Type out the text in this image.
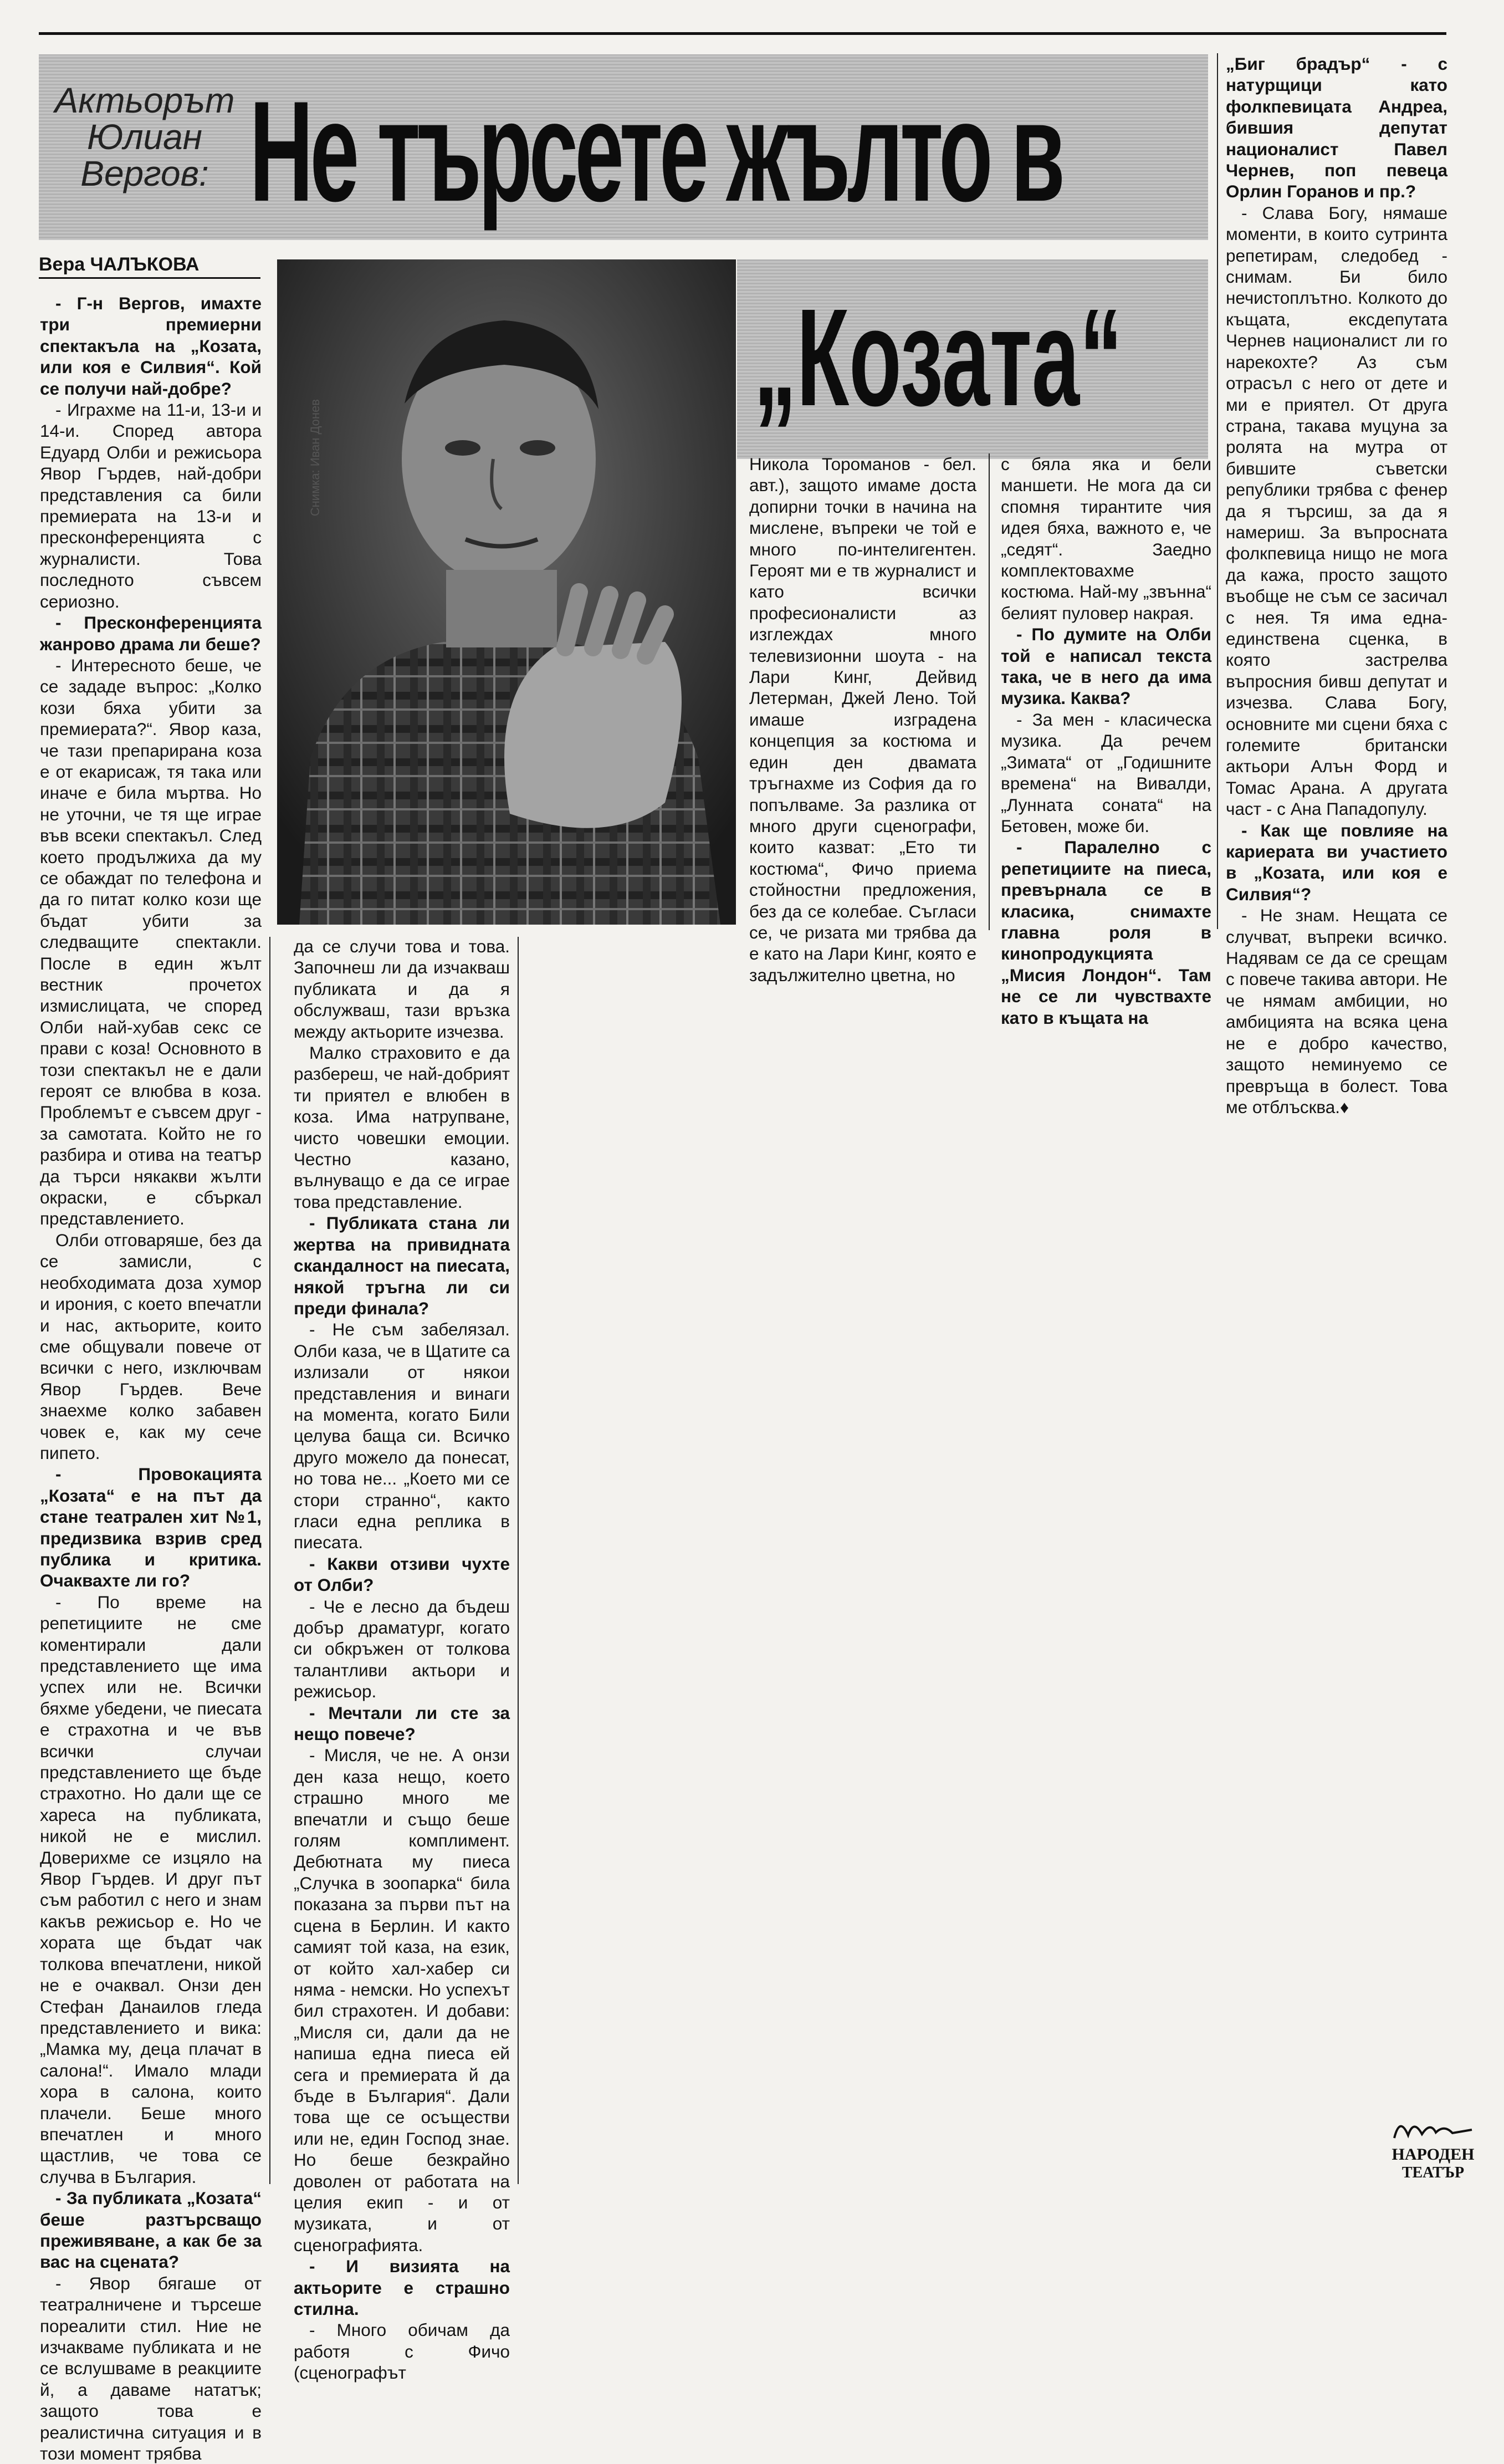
Актьорът
Юлиан
Вергов: Не търсете жълто в
„Козата“
Вера ЧАЛЪКОВА
Снимка: Иван Донев

- Г-н Вергов, имахте три премиерни спектакъла на „Козата, или коя е Силвия“. Кой се получи най-добре?

- Играхме на 11-и, 13-и и 14-и. Според автора Едуард Олби и режисьора Явор Гърдев, най-добри представления са били премиерата на 13-и и пресконференцията с журналисти. Това последното съвсем сериозно.

- Пресконференцията жанрово драма ли беше?

- Интересното беше, че се зададе въпрос: „Колко кози бяха убити за премиерата?“. Явор каза, че тази препарирана коза е от екарисаж, тя така или иначе е била мъртва. Но не уточни, че тя ще играе във всеки спектакъл. След което продължиха да му се обаждат по телефона и да го питат колко кози ще бъдат убити за следващите спектакли. После в един жълт вестник прочетох измислицата, че според Олби най-хубав секс се прави с коза! Основното в този спектакъл не е дали героят се влюбва в коза. Проблемът е съвсем друг - за самотата. Който не го разбира и отива на театър да търси някакви жълти окраски, е сбъркал представлението.

Олби отговаряше, без да се замисли, с необходимата доза хумор и ирония, с което впечатли и нас, актьорите, които сме общували повече от всички с него, изключвам Явор Гърдев. Вече знаехме колко забавен човек е, как му сечe пипето.

- Провокацията „Козата“ е на път да стане театрален хит №1, предизвика взрив сред публика и критика. Очаквахте ли го?

- По време на репетициите не сме коментирали дали представлението ще има успех или не. Всички бяхме убедени, че пиесата е страхотна и че във всички случаи представлението ще бъде страхотно. Но дали ще се хареса на публиката, никой не е мислил. Доверихме се изцяло на Явор Гърдев. И друг път съм работил с него и знам какъв режисьор е. Но че хората ще бъдат чак толкова впечатлени, никой не е очаквал. Онзи ден Стефан Данаилов гледа представлението и вика: „Мамка му, деца плачат в салона!“. Имало млади хора в салона, които плачели. Беше много впечатлен и много щастлив, че това се случва в България.

- За публиката „Козата“ беше разтърсващо преживяване, а как бе за вас на сцената?

- Явор бягаше от театралничене и търсеше пореалити стил. Ние не изчакваме публиката и не се вслушваме в реакциите й, а даваме нататък; защото това е реалистична ситуация и в този момент трябва

да се случи това и това. Започнеш ли да изчакваш публиката и да я обслужваш, тази връзка между актьорите изчезва.

Малко страховито е да разбереш, че най-добрият ти приятел е влюбен в коза. Има натрупване, чисто човешки емоции. Честно казано, вълнуващо е да се играе това представление.

- Публиката стана ли жертва на привидната скандалност на пиесата, някой тръгна ли си преди финала?

- Не съм забелязал. Олби каза, че в Щатите са излизали от някои представления и винаги на момента, когато Били целува баща си. Всичко друго можело да понесат, но това не... „Което ми се стори странно“, както гласи една реплика в пиесата.

- Какви отзиви чухте от Олби?

- Че е лесно да бъдеш добър драматург, когато си обкръжен от толкова талантливи актьори и режисьор.

- Мечтали ли сте за нещо повече?

- Мисля, че не. А онзи ден каза нещо, което страшно много ме впечатли и също беше голям комплимент. Дебютната му пиеса „Случка в зоопарка“ била показана за първи път на сцена в Берлин. И както самият той каза, на език, от който хал-хабер си няма - немски. Но успехът бил страхотен. И добави: „Мисля си, дали да не напиша една пиеса ей сега и премиерата й да бъде в България“. Дали това ще се осъществи или не, един Господ знае. Но беше безкрайно доволен от работата на целия екип - и от музиката, и от сценографията.

- И визията на актьорите е страшно стилна.

- Много обичам да работя с Фичо (сценографът

Никола Тороманов - бел. авт.), защото имаме доста допирни точки в начина на мислене, въпреки че той е много по-интелигентен. Героят ми е тв журналист и като всички професионалисти аз изглеждах много телевизионни шоута - на Лари Кинг, Дейвид Летерман, Джей Лено. Той имаше изградена концепция за костюма и един ден двамата тръгнахме из София да го попълваме. За разлика от много други сценографи, които казват: „Ето ти костюма“, Фичо приема стойностни предложения, без да се колебае. Съгласи се, че ризата ми трябва да е като на Лари Кинг, която е задължително цветна, но

с бяла яка и бели маншети. Не мога да си спомня тирантите чия идея бяха, важното е, че „седят“. Заедно комплектовахме костюма. Най-му „звънна“ белият пуловер накрая.

- По думите на Олби той е написал текста така, че в него да има музика. Каква?

- За мен - класическа музика. Да речем „Зимата“ от „Годишните времена“ на Вивалди, „Лунната соната“ на Бетовен, може би.

- Паралелно с репетициите на пиеса, превърнала се в класика, снимахте главна роля в кинопродукцията „Мисия Лондон“. Там не се ли чувствахте като в къщата на

„Биг брадър“ - с натурщици като фолкпевицата Андреа, бившия депутат националист Павел Чернев, поп певеца Орлин Горанов и пр.?

- Слава Богу, нямаше моменти, в които сутринта репетирам, следобед - снимам. Би било нечистоплътно. Колкото до къщата, ексдепутата Чернев националист ли го нарекохте? Аз съм отрасъл с него от дете и ми е приятел. От друга страна, такава муцуна за ролята на мутра от бившите съветски републики трябва с фенер да я търсиш, за да я намериш. За въпросната фолкпевица нищо не мога да кажа, просто защото въобще не съм се засичал с нея. Тя има една-единствена сценка, в която застрелва въпросния бивш депутат и изчезва. Слава Богу, основните ми сцени бяха с големите британски актьори Алън Форд и Томас Арана. А другата част - с Ана Пападопулу.

- Как ще повлияе на кариерата ви участието в „Козата, или коя е Силвия“?

- Не знам. Нещата се случват, въпреки всичко. Надявам се да се срещам с повече такива автори. Не че нямам амбиции, но амбицията на всяка цена не е добро качество, защото неминуемо се превръща в болест. Това ме отблъсква.♦

НАРОДЕН
ТЕАТЪР
